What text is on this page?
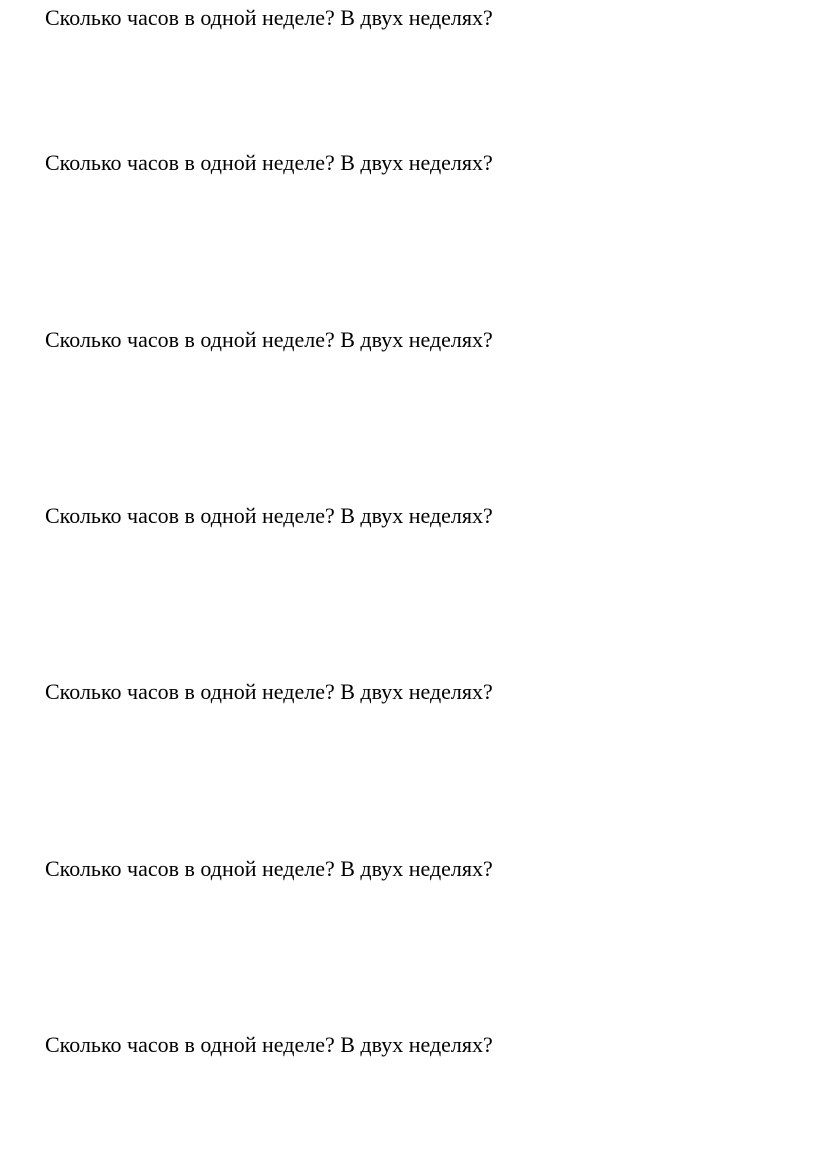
Сколько часов в одной неделе? В двух неделях?

Сколько часов в одной неделе? В двух неделях?

Сколько часов в одной неделе? В двух неделях?

Сколько часов в одной неделе? В двух неделях?

Сколько часов в одной неделе? В двух неделях?

Сколько часов в одной неделе? В двух неделях?

Сколько часов в одной неделе? В двух неделях?
